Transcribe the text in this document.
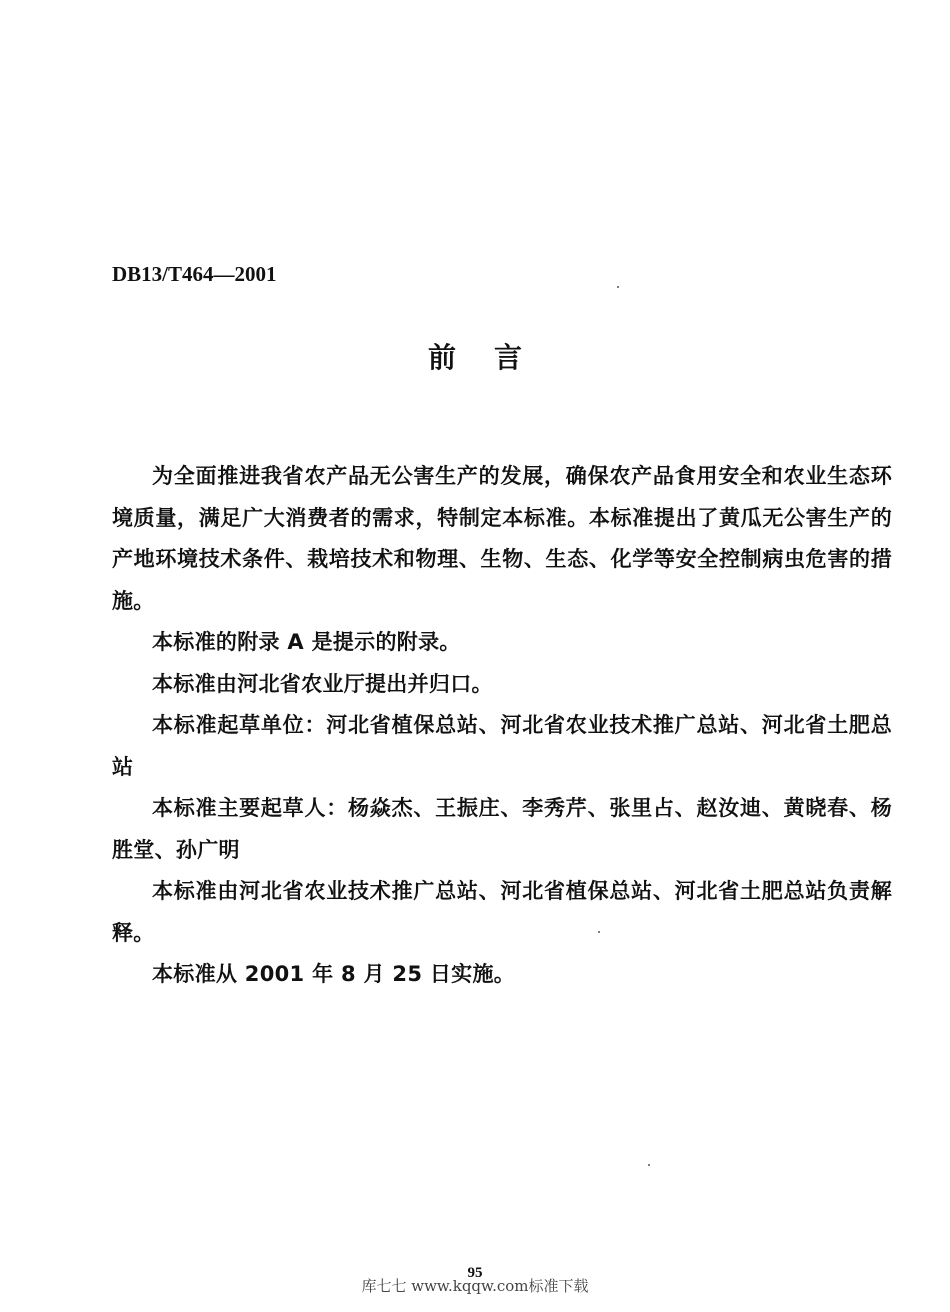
DB13/T464—2001
前言

为全面推进我省农产品无公害生产的发展，确保农产品食用安全和农业生态环境质量，满足广大消费者的需求，特制定本标准。本标准提出了黄瓜无公害生产的产地环境技术条件、栽培技术和物理、生物、生态、化学等安全控制病虫危害的措施。

本标准的附录 A 是提示的附录。

本标准由河北省农业厅提出并归口。

本标准起草单位：河北省植保总站、河北省农业技术推广总站、河北省土肥总站

本标准主要起草人：杨焱杰、王振庄、李秀芹、张里占、赵汝迪、黄晓春、杨胜堂、孙广明

本标准由河北省农业技术推广总站、河北省植保总站、河北省土肥总站负责解释。

本标准从 2001 年 8 月 25 日实施。

95
库七七 www.kqqw.com标准下载
